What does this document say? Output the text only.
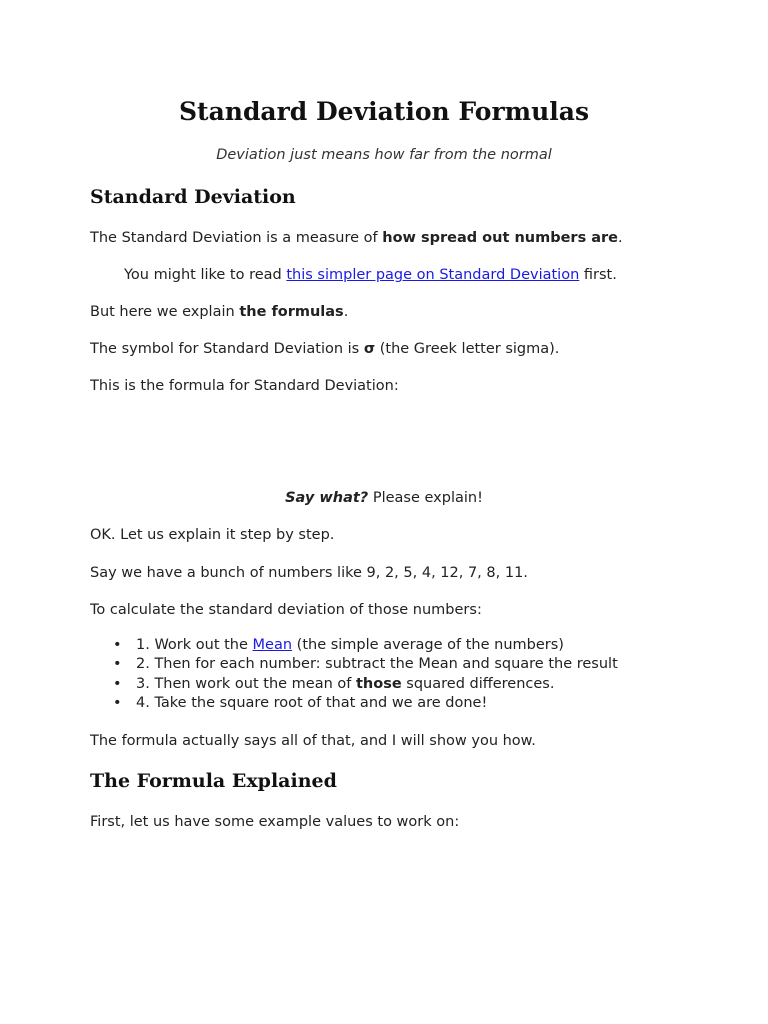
Standard Deviation Formulas
Deviation just means how far from the normal
Standard Deviation
The Standard Deviation is a measure of how spread out numbers are.
You might like to read this simpler page on Standard Deviation first.
But here we explain the formulas.
The symbol for Standard Deviation is σ (the Greek letter sigma).
This is the formula for Standard Deviation:
Say what? Please explain!
OK. Let us explain it step by step.
Say we have a bunch of numbers like 9, 2, 5, 4, 12, 7, 8, 11.
To calculate the standard deviation of those numbers:
• 1. Work out the Mean (the simple average of the numbers)
• 2. Then for each number: subtract the Mean and square the result
• 3. Then work out the mean of those squared differences.
• 4. Take the square root of that and we are done!
The formula actually says all of that, and I will show you how.
The Formula Explained
First, let us have some example values to work on:
